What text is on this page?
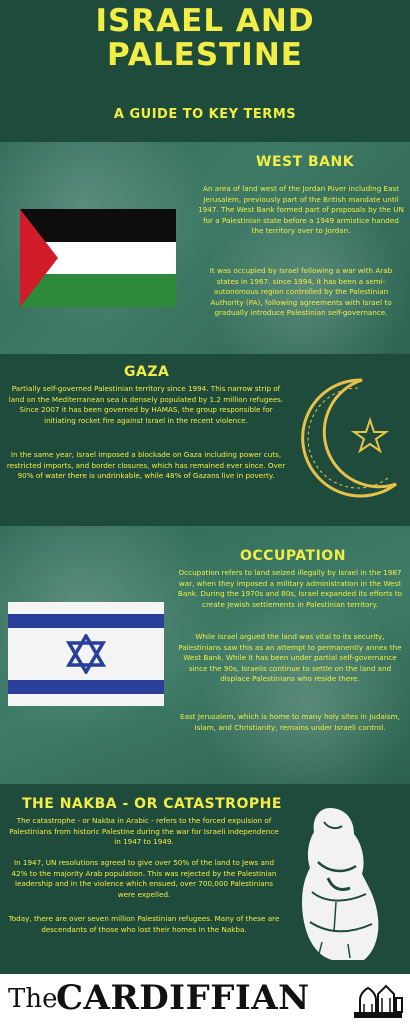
ISRAEL AND
PALESTINE
A GUIDE TO KEY TERMS
WEST BANK

An area of land west of the Jordan River including East Jerusalem, previously part of the British mandate until 1947. The West Bank formed part of proposals by the UN for a Palestinian state before a 1949 armistice handed the territory over to Jordan.

It was occupied by Israel following a war with Arab states in 1967. since 1994, it has been a semi-autonomous region controlled by the Palestinian Authority (PA), following agreements with Israel to gradually introduce Palestinian self-governance.

GAZA

Partially self-governed Palestinian territory since 1994. This narrow strip of land on the Mediterranean sea is densely populated by 1.2 million refugees. Since 2007 it has been governed by HAMAS, the group responsible for initiating rocket fire against Israel in the recent violence.

In the same year, Israel imposed a blockade on Gaza including power cuts, restricted imports, and border closures, which has remained ever since. Over 90% of water there is undrinkable, while 48% of Gazans live in poverty.

OCCUPATION

Occupation refers to land seized illegally by Israel in the 1967 war, when they imposed a military administration in the West Bank. During the 1970s and 80s, Israel expanded its efforts to create Jewish settlements in Palestinian territory.

While Israel argued the land was vital to its security, Palestinians saw this as an attempt to permanently annex the West Bank. While it has been under partial self-governance since the 90s, Israelis continue to settle on the land and displace Palestinians who reside there.

East Jerusalem, which is home to many holy sites in Judaism, Islam, and Christianity, remains under Israeli control.

THE NAKBA - OR CATASTROPHE

The catastrophe - or Nakba in Arabic - refers to the forced expulsion of Palestinians from historic Palestine during the war for Israeli independence in 1947 to 1949.

In 1947, UN resolutions agreed to give over 50% of the land to Jews and 42% to the majority Arab population. This was rejected by the Palestinian leadership and in the violence which ensued, over 700,000 Palestinians were expelled.

Today, there are over seven million Palestinian refugees. Many of these are descendants of those who lost their homes in the Nakba.

The
CARDIFFIAN
